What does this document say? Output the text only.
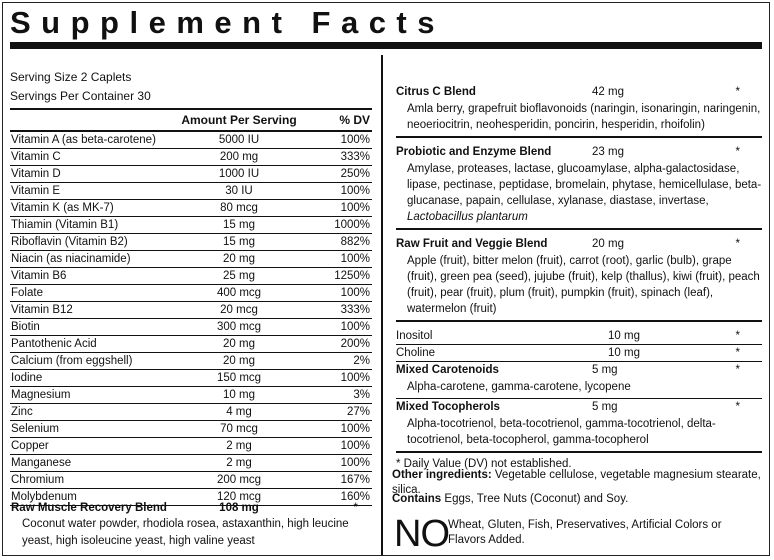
Supplement Facts
Serving Size 2 Caplets
Servings Per Container 30
Amount Per Serving	% DV
Vitamin A (as beta-carotene)	5000 IU	100%
Vitamin C	200 mg	333%
Vitamin D	1000 IU	250%
Vitamin E	30 IU	100%
Vitamin K (as MK-7)	80 mcg	100%
Thiamin (Vitamin B1)	15 mg	1000%
Riboflavin (Vitamin B2)	15 mg	882%
Niacin (as niacinamide)	20 mg	100%
Vitamin B6	25 mg	1250%
Folate	400 mcg	100%
Vitamin B12	20 mcg	333%
Biotin	300 mcg	100%
Pantothenic Acid	20 mg	200%
Calcium (from eggshell)	20 mg	2%
Iodine	150 mcg	100%
Magnesium	10 mg	3%
Zinc	4 mg	27%
Selenium	70 mcg	100%
Copper	2 mg	100%
Manganese	2 mg	100%
Chromium	200 mcg	167%
Molybdenum	120 mcg	160%
Raw Muscle Recovery Blend	108 mg	*
Coconut water powder, rhodiola rosea, astaxanthin, high leucine yeast, high isoleucine yeast, high valine yeast
Citrus C Blend	42 mg	*
Amla berry, grapefruit bioflavonoids (naringin, isonaringin, naringenin, neoeriocitrin, neohesperidin, poncirin, hesperidin, rhoifolin)
Probiotic and Enzyme Blend	23 mg	*
Amylase, proteases, lactase, glucoamylase, alpha-galactosidase, lipase, pectinase, peptidase, bromelain, phytase, hemicellulase, beta-glucanase, papain, cellulase, xylanase, diastase, invertase, Lactobacillus plantarum
Raw Fruit and Veggie Blend	20 mg	*
Apple (fruit), bitter melon (fruit), carrot (root), garlic (bulb), grape (fruit), green pea (seed), jujube (fruit), kelp (thallus), kiwi (fruit), peach (fruit), pear (fruit), plum (fruit), pumpkin (fruit), spinach (leaf), watermelon (fruit)
Inositol	10 mg	*
Choline	10 mg	*
Mixed Carotenoids	5 mg	*
Alpha-carotene, gamma-carotene, lycopene
Mixed Tocopherols	5 mg	*
Alpha-tocotrienol, beta-tocotrienol, gamma-tocotrienol, delta-tocotrienol, beta-tocopherol, gamma-tocopherol
* Daily Value (DV) not established.
Other ingredients: Vegetable cellulose, vegetable magnesium stearate, silica.
Contains Eggs, Tree Nuts (Coconut) and Soy.
NO Wheat, Gluten, Fish, Preservatives, Artificial Colors or Flavors Added.
